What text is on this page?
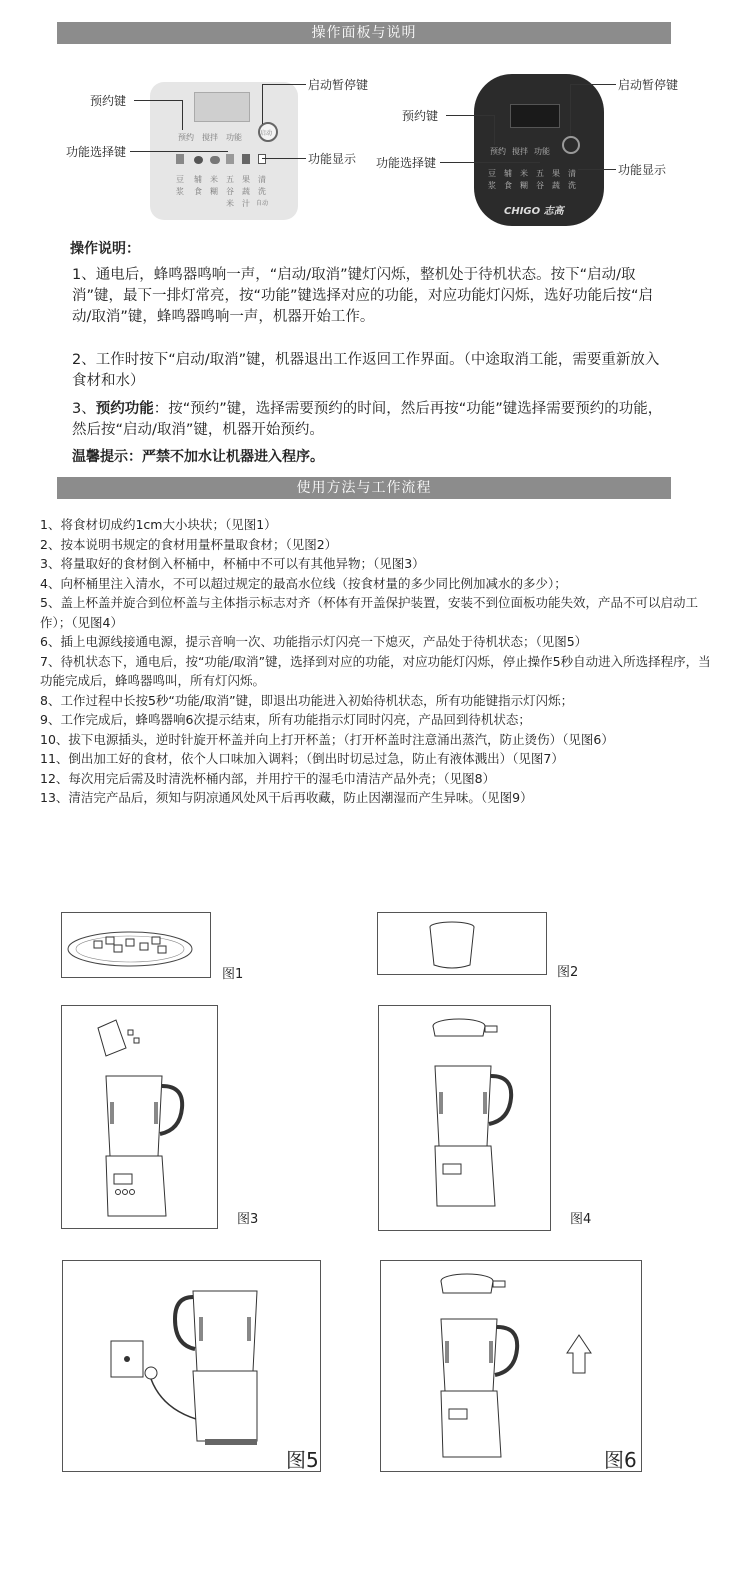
操作面板与说明
预约 搅拌 功能	启动
豆 辅 米 五 果 清
浆 食 糊 谷 蔬 洗
米 汁 自动
启动暂停键
预约键
功能选择键	功能显示
预约 搅拌 功能
豆 辅 米 五 果 清
浆 食 糊 谷 蔬 洗
CHIGO 志高
启动暂停键
预约键
功能选择键	功能显示
操作说明：
1、通电后，蜂鸣器鸣响一声，“启动/取消”键灯闪烁，整机处于待机状态。按下“启动/取消”键，最下一排灯常亮，按“功能”键选择对应的功能，对应功能灯闪烁，选好功能后按“启动/取消”键，蜂鸣器鸣响一声，机器开始工作。
2、工作时按下“启动/取消”键，机器退出工作返回工作界面。（中途取消工能，需要重新放入食材和水）
3、预约功能：按“预约”键，选择需要预约的时间，然后再按“功能”键选择需要预约的功能，然后按“启动/取消”键，机器开始预约。
温馨提示：严禁不加水让机器进入程序。
使用方法与工作流程

1、将食材切成约1cm大小块状；（见图1）

2、按本说明书规定的食材用量杯量取食材；（见图2）

3、将量取好的食材倒入杯桶中，杯桶中不可以有其他异物；（见图3）

4、向杯桶里注入清水，不可以超过规定的最高水位线（按食材量的多少同比例加减水的多少）；

5、盖上杯盖并旋合到位杯盖与主体指示标志对齐（杯体有开盖保护装置，安装不到位面板功能失效，产品不可以启动工作）；（见图4）

6、插上电源线接通电源，提示音响一次、功能指示灯闪亮一下熄灭，产品处于待机状态；（见图5）

7、待机状态下，通电后，按“功能/取消”键，选择到对应的功能，对应功能灯闪烁，停止操作5秒自动进入所选择程序，当功能完成后，蜂鸣器鸣叫，所有灯闪烁。

8、工作过程中长按5秒“功能/取消”键，即退出功能进入初始待机状态，所有功能键指示灯闪烁；

9、工作完成后，蜂鸣器响6次提示结束，所有功能指示灯同时闪亮，产品回到待机状态；

10、拔下电源插头，逆时针旋开杯盖并向上打开杯盖；（打开杯盖时注意涌出蒸汽，防止烫伤）（见图6）

11、倒出加工好的食材，依个人口味加入调料；（倒出时切忌过急，防止有液体溅出）（见图7）

12、每次用完后需及时清洗杯桶内部，并用拧干的湿毛巾清洁产品外壳；（见图8）

13、清洁完产品后，须知与阴凉通风处风干后再收藏，防止因潮湿而产生异味。（见图9）

图1	图2
图3	图4
图5	图6
